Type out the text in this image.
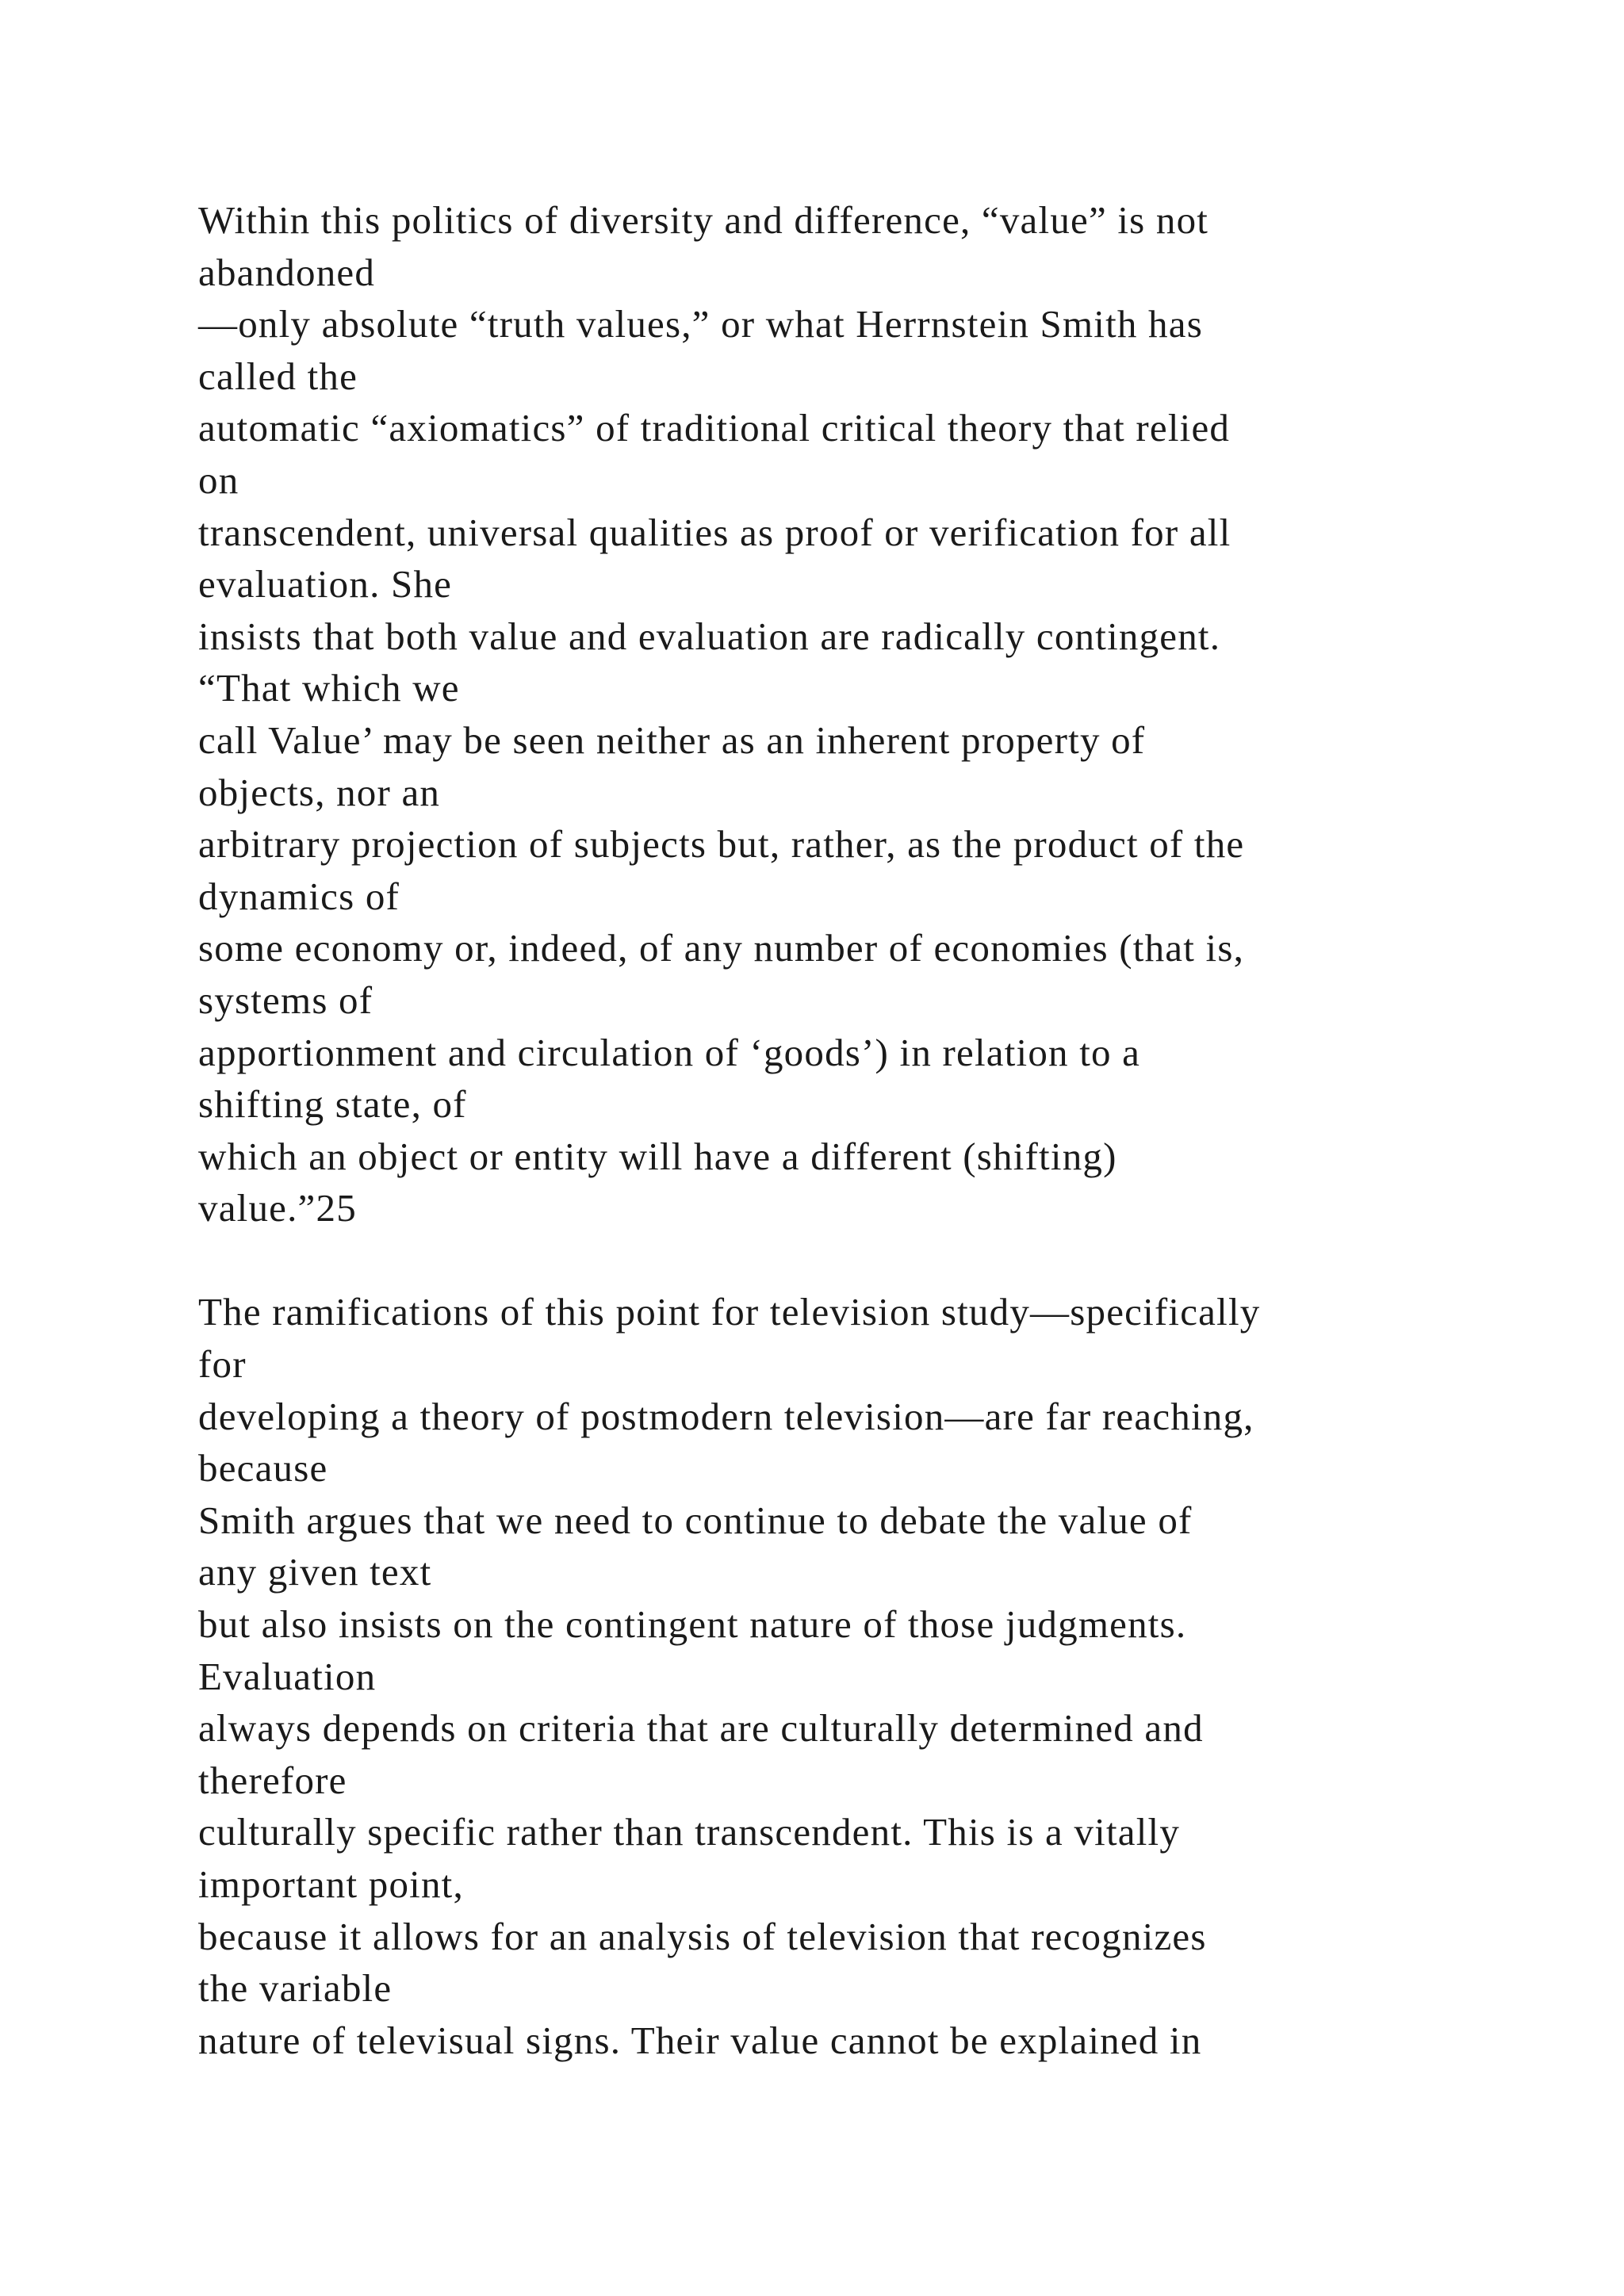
Within this politics of diversity and difference, “value” is not
abandoned
—only absolute “truth values,” or what Herrnstein Smith has
called the
automatic “axiomatics” of traditional critical theory that relied
on
transcendent, universal qualities as proof or verification for all
evaluation. She
insists that both value and evaluation are radically contingent.
“That which we
call Value’ may be seen neither as an inherent property of
objects, nor an
arbitrary projection of subjects but, rather, as the product of the
dynamics of
some economy or, indeed, of any number of economies (that is,
systems of
apportionment and circulation of ‘goods’) in relation to a
shifting state, of
which an object or entity will have a different (shifting)
value.”25
The ramifications of this point for television study—specifically
for
developing a theory of postmodern television—are far reaching,
because
Smith argues that we need to continue to debate the value of
any given text
but also insists on the contingent nature of those judgments.
Evaluation
always depends on criteria that are culturally determined and
therefore
culturally specific rather than transcendent. This is a vitally
important point,
because it allows for an analysis of television that recognizes
the variable
nature of televisual signs. Their value cannot be explained in
